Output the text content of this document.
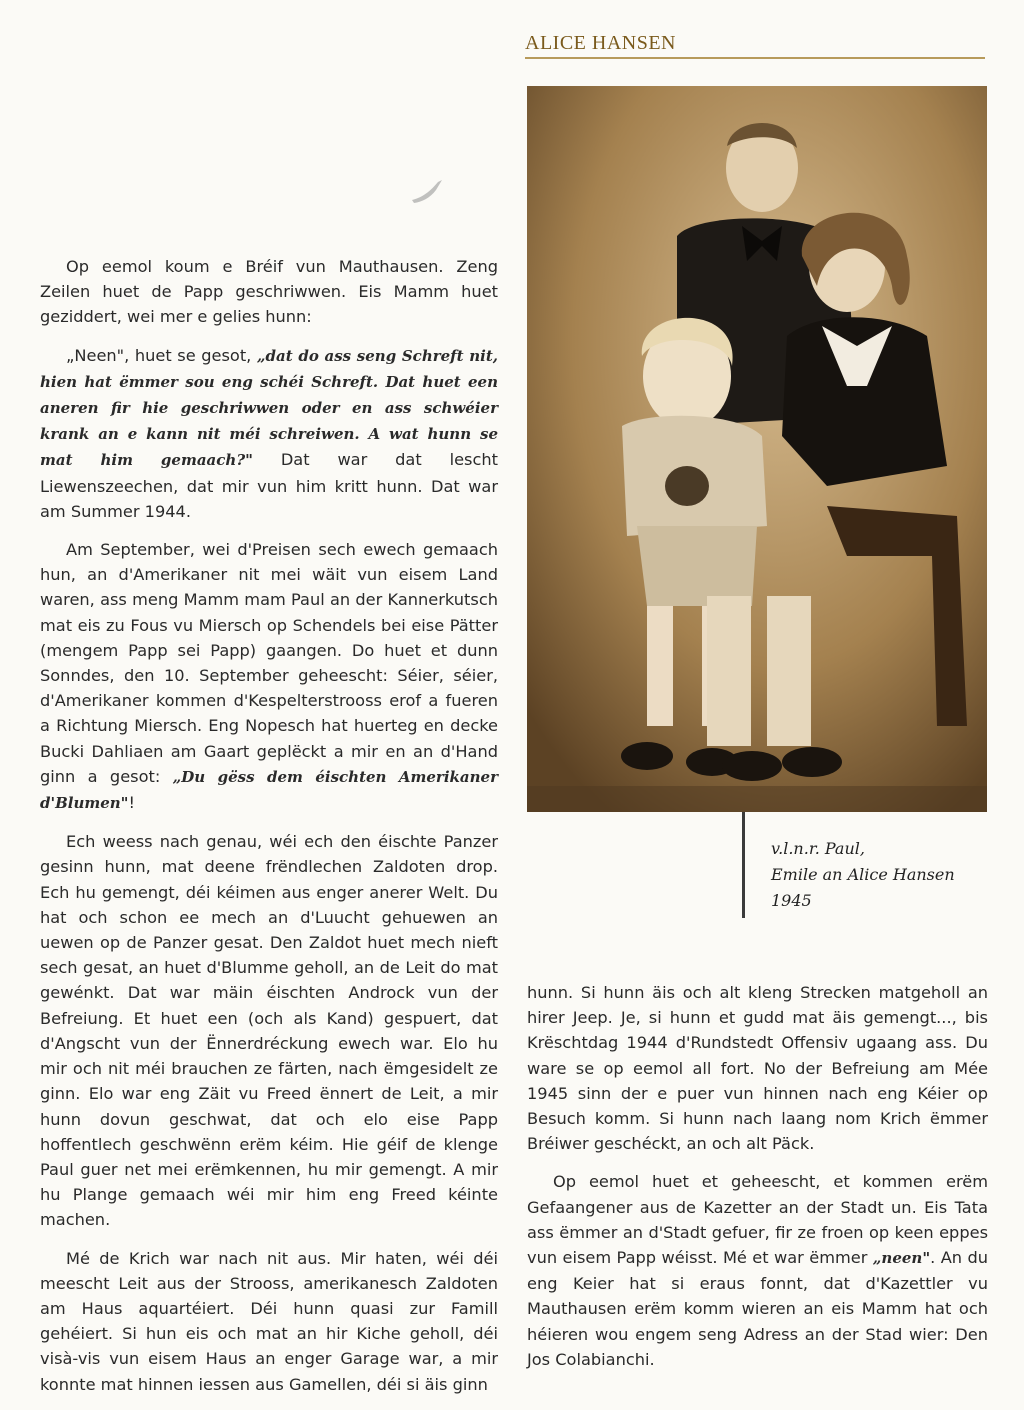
ALICE HANSEN
v.l.n.r. Paul,
Emile an Alice Hansen
1945

Op eemol koum e Bréif vun Mauthausen. Zeng Zeilen huet de Papp geschriwwen. Eis Mamm huet geziddert, wei mer e gelies hunn:

„Neen", huet se gesot, „dat do ass seng Schreft nit, hien hat ëmmer sou eng schéi Schreft. Dat huet een aneren fir hie geschriwwen oder en ass schwéier krank an e kann nit méi schreiwen. A wat hunn se mat him gemaach?" Dat war dat lescht Liewenszeechen, dat mir vun him kritt hunn. Dat war am Summer 1944.

Am September, wei d'Preisen sech ewech gemaach hun, an d'Amerikaner nit mei wäit vun eisem Land waren, ass meng Mamm mam Paul an der Kannerkutsch mat eis zu Fous vu Miersch op Schendels bei eise Pätter (mengem Papp sei Papp) gaangen. Do huet et dunn Sonndes, den 10. September geheescht: Séier, séier, d'Amerikaner kommen d'Kespelterstrooss erof a fueren a Richtung Miersch. Eng Nopesch hat huerteg en decke Bucki Dahliaen am Gaart geplëckt a mir en an d'Hand ginn a gesot: „Du gëss dem éischten Amerikaner d'Blumen"!

Ech weess nach genau, wéi ech den éischte Panzer gesinn hunn, mat deene frëndlechen Zaldoten drop. Ech hu gemengt, déi kéimen aus enger anerer Welt. Du hat och schon ee mech an d'Luucht gehuewen an uewen op de Panzer gesat. Den Zaldot huet mech nieft sech gesat, an huet d'Blumme geholl, an de Leit do mat gewénkt. Dat war mäin éischten Androck vun der Befreiung. Et huet een (och als Kand) gespuert, dat d'Angscht vun der Ënnerdréckung ewech war. Elo hu mir och nit méi brauchen ze färten, nach ëmgesidelt ze ginn. Elo war eng Zäit vu Freed ënnert de Leit, a mir hunn dovun geschwat, dat och elo eise Papp hoffentlech geschwënn erëm kéim. Hie géif de klenge Paul guer net mei erëmkennen, hu mir gemengt. A mir hu Plange gemaach wéi mir him eng Freed kéinte machen.

Mé de Krich war nach nit aus. Mir haten, wéi déi meescht Leit aus der Strooss, amerikanesch Zaldoten am Haus aquartéiert. Déi hunn quasi zur Famill gehéiert. Si hun eis och mat an hir Kiche geholl, déi visà-vis vun eisem Haus an enger Garage war, a mir konnte mat hinnen iessen aus Gamellen, déi si äis ginn

hunn. Si hunn äis och alt kleng Strecken matgeholl an hirer Jeep. Je, si hunn et gudd mat äis gemengt..., bis Krëschtdag 1944 d'Rundstedt Offensiv ugaang ass. Du ware se op eemol all fort. No der Befreiung am Mée 1945 sinn der e puer vun hinnen nach eng Kéier op Besuch komm. Si hunn nach laang nom Krich ëmmer Bréiwer geschéckt, an och alt Päck.

Op eemol huet et geheescht, et kommen erëm Gefaangener aus de Kazetter an der Stadt un. Eis Tata ass ëmmer an d'Stadt gefuer, fir ze froen op keen eppes vun eisem Papp wéisst. Mé et war ëmmer „neen". An du eng Keier hat si eraus fonnt, dat d'Kazettler vu Mauthausen erëm komm wieren an eis Mamm hat och héieren wou engem seng Adress an der Stad wier: Den Jos Colabianchi.
